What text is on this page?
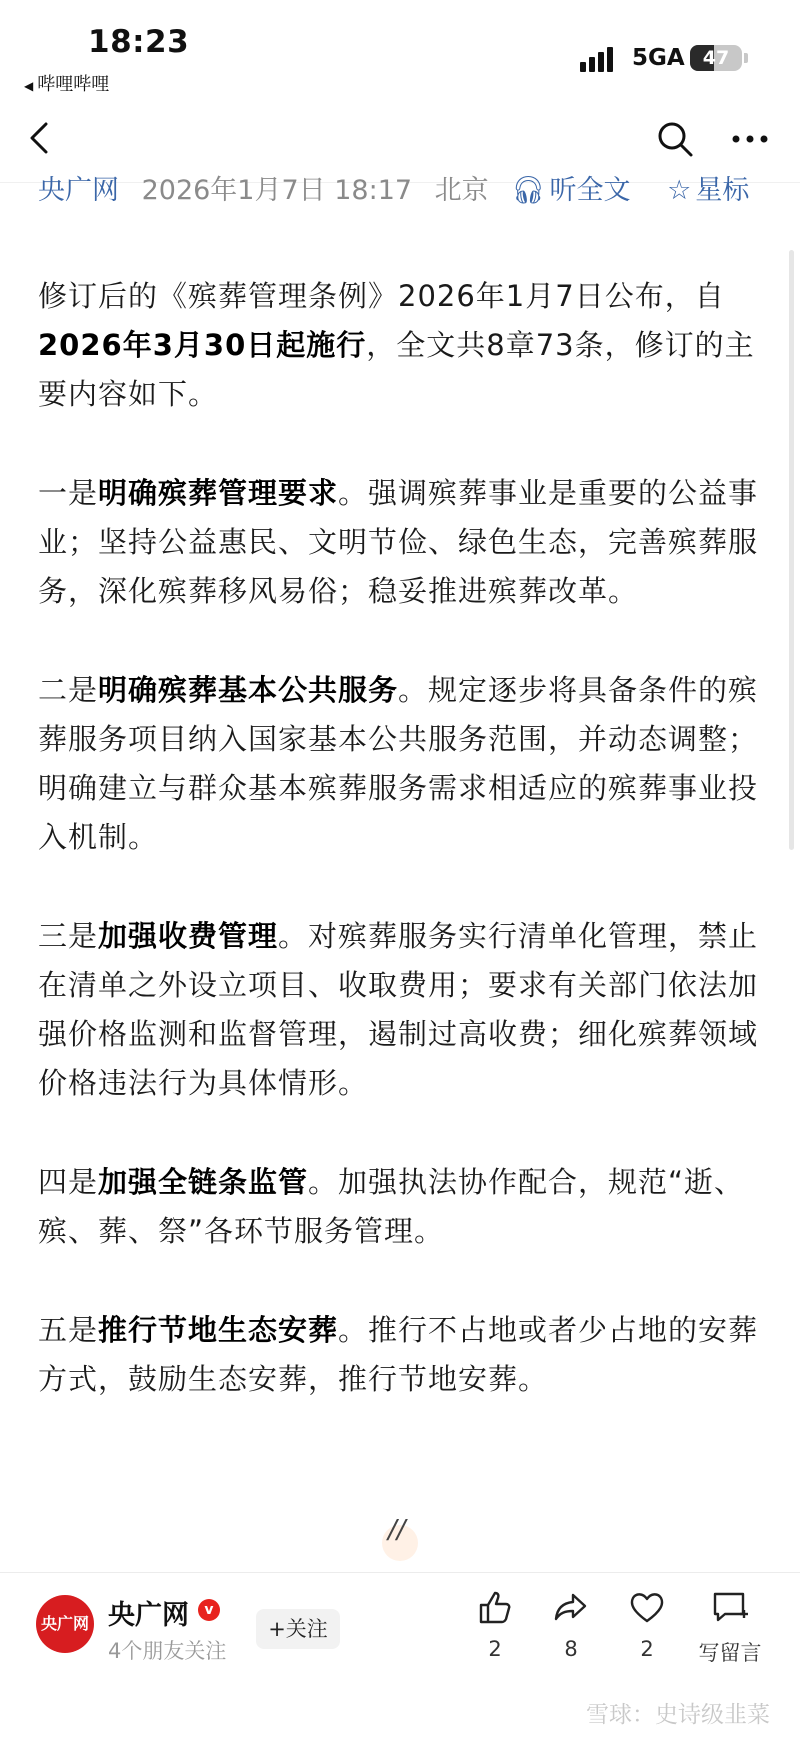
18:23
◀ 哔哩哔哩
5GA 47
央广网 2026年1月7日 18:17 北京 🎧︎ 听全文 ☆ 星标

修订后的《殡葬管理条例》2026年1月7日公布，自2026年3月30日起施行，全文共8章73条，修订的主要内容如下。

一是明确殡葬管理要求。强调殡葬事业是重要的公益事业；坚持公益惠民、文明节俭、绿色生态，完善殡葬服务，深化殡葬移风易俗；稳妥推进殡葬改革。

二是明确殡葬基本公共服务。规定逐步将具备条件的殡葬服务项目纳入国家基本公共服务范围，并动态调整；明确建立与群众基本殡葬服务需求相适应的殡葬事业投入机制。

三是加强收费管理。对殡葬服务实行清单化管理，禁止在清单之外设立项目、收取费用；要求有关部门依法加强价格监测和监督管理，遏制过高收费；细化殡葬领域价格违法行为具体情形。

四是加强全链条监管。加强执法协作配合，规范“逝、殡、葬、祭”各环节服务管理。

五是推行节地生态安葬。推行不占地或者少占地的安葬方式，鼓励生态安葬，推行节地安葬。

//
央广网 央广网	v
4个朋友关注
+关注
2	8	2	写留言
雪球：史诗级韭菜
